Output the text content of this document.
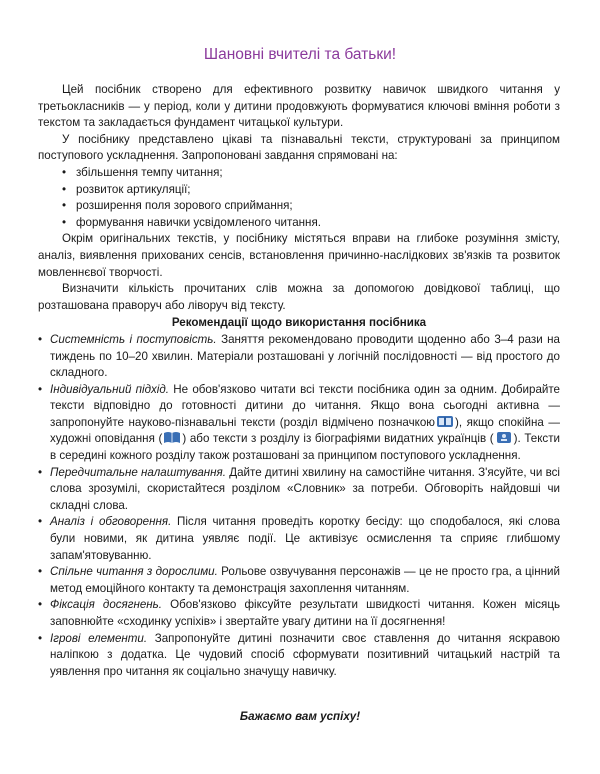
Шановні вчителі та батьки!

Цей посібник створено для ефективного розвитку навичок швидкого читання у третьокласників — у період, коли у дитини продовжують формуватися ключові вміння роботи з текстом та закладається фундамент читацької культури.

У посібнику представлено цікаві та пізнавальні тексти, структуровані за принципом поступового ускладнення. Запропоновані завдання спрямовані на:

• збільшення темпу читання;
• розвиток артикуляції;
• розширення поля зорового сприймання;
• формування навички усвідомленого читання.

Окрім оригінальних текстів, у посібнику містяться вправи на глибоке розуміння змісту, аналіз, виявлення прихованих сенсів, встановлення причинно-наслідкових зв'язків та розвиток мовленнєвої творчості.

Визначити кількість прочитаних слів можна за допомогою довідкової таблиці, що розташована праворуч або ліворуч від тексту.

Рекомендації щодо використання посібника
• Системність і поступовість. Заняття рекомендовано проводити щоденно або 3–4 рази на тиждень по 10–20 хвилин. Матеріали розташовані у логічній послідовності — від простого до складного.
• Індивідуальний підхід. Не обов'язково читати всі тексти посібника один за одним. Добирайте тексти відповідно до готовності дитини до читання. Якщо вона сьогодні активна — запропонуйте науково-пізнавальні тексти (розділ відмічено позначкою ), якщо спокійна — художні оповідання ( ) або тексти з розділу із біографіями видатних українців ( ). Тексти в середині кожного розділу також розташовані за принципом поступового ускладнення.
• Передчитальне налаштування. Дайте дитині хвилину на самостійне читання. З'ясуйте, чи всі слова зрозумілі, скористайтеся розділом «Словник» за потреби. Обговоріть найдовші чи складні слова.
• Аналіз і обговорення. Після читання проведіть коротку бесіду: що сподобалося, які слова були новими, як дитина уявляє події. Це активізує осмислення та сприяє глибшому запам'ятовуванню.
• Спільне читання з дорослими. Рольове озвучування персонажів — це не просто гра, а цінний метод емоційного контакту та демонстрація захоплення читанням.
• Фіксація досягнень. Обов'язково фіксуйте результати швидкості читання. Кожен місяць заповнюйте «сходинку успіхів» і звертайте увагу дитини на її досягнення!
• Ігрові елементи. Запропонуйте дитині позначити своє ставлення до читання яскравою наліпкою з додатка. Це чудовий спосіб сформувати позитивний читацький настрій та уявлення про читання як соціально значущу навичку.
Бажаємо вам успіху!
